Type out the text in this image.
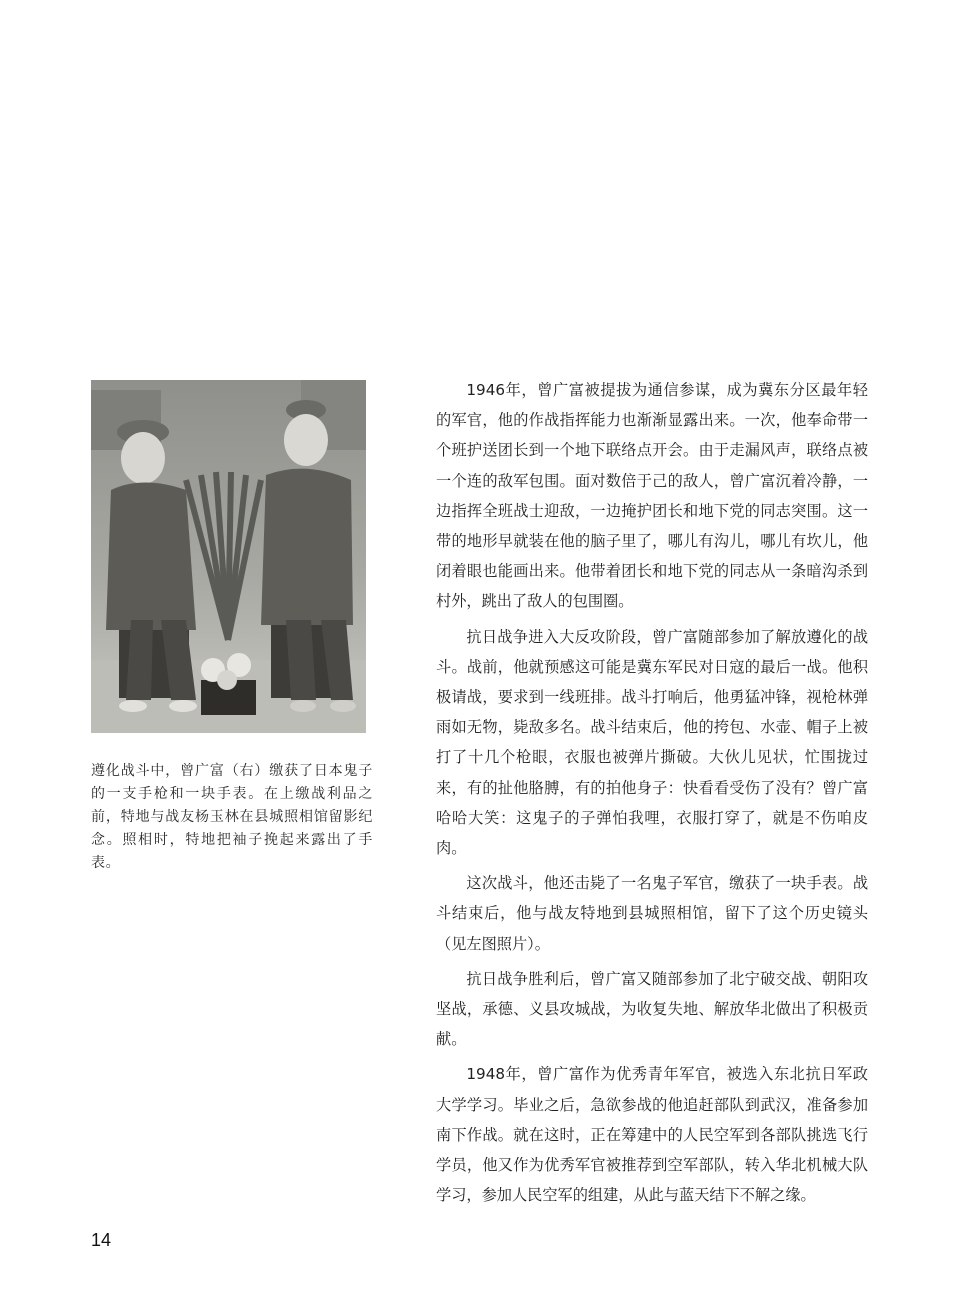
遵化战斗中，曾广富（右）缴获了日本鬼子的一支手枪和一块手表。在上缴战利品之前，特地与战友杨玉林在县城照相馆留影纪念。照相时，特地把袖子挽起来露出了手表。

1946年，曾广富被提拔为通信参谋，成为冀东分区最年轻的军官，他的作战指挥能力也渐渐显露出来。一次，他奉命带一个班护送团长到一个地下联络点开会。由于走漏风声，联络点被一个连的敌军包围。面对数倍于己的敌人，曾广富沉着冷静，一边指挥全班战士迎敌，一边掩护团长和地下党的同志突围。这一带的地形早就装在他的脑子里了，哪儿有沟儿，哪儿有坎儿，他闭着眼也能画出来。他带着团长和地下党的同志从一条暗沟杀到村外，跳出了敌人的包围圈。

抗日战争进入大反攻阶段，曾广富随部参加了解放遵化的战斗。战前，他就预感这可能是冀东军民对日寇的最后一战。他积极请战，要求到一线班排。战斗打响后，他勇猛冲锋，视枪林弹雨如无物，毙敌多名。战斗结束后，他的挎包、水壶、帽子上被打了十几个枪眼，衣服也被弹片撕破。大伙儿见状，忙围拢过来，有的扯他胳膊，有的拍他身子：快看看受伤了没有？曾广富哈哈大笑：这鬼子的子弹怕我哩，衣服打穿了，就是不伤咱皮肉。

这次战斗，他还击毙了一名鬼子军官，缴获了一块手表。战斗结束后，他与战友特地到县城照相馆，留下了这个历史镜头（见左图照片）。

抗日战争胜利后，曾广富又随部参加了北宁破交战、朝阳攻坚战，承德、义县攻城战，为收复失地、解放华北做出了积极贡献。

1948年，曾广富作为优秀青年军官，被选入东北抗日军政大学学习。毕业之后，急欲参战的他追赶部队到武汉，准备参加南下作战。就在这时，正在筹建中的人民空军到各部队挑选飞行学员，他又作为优秀军官被推荐到空军部队，转入华北机械大队学习，参加人民空军的组建，从此与蓝天结下不解之缘。

14
